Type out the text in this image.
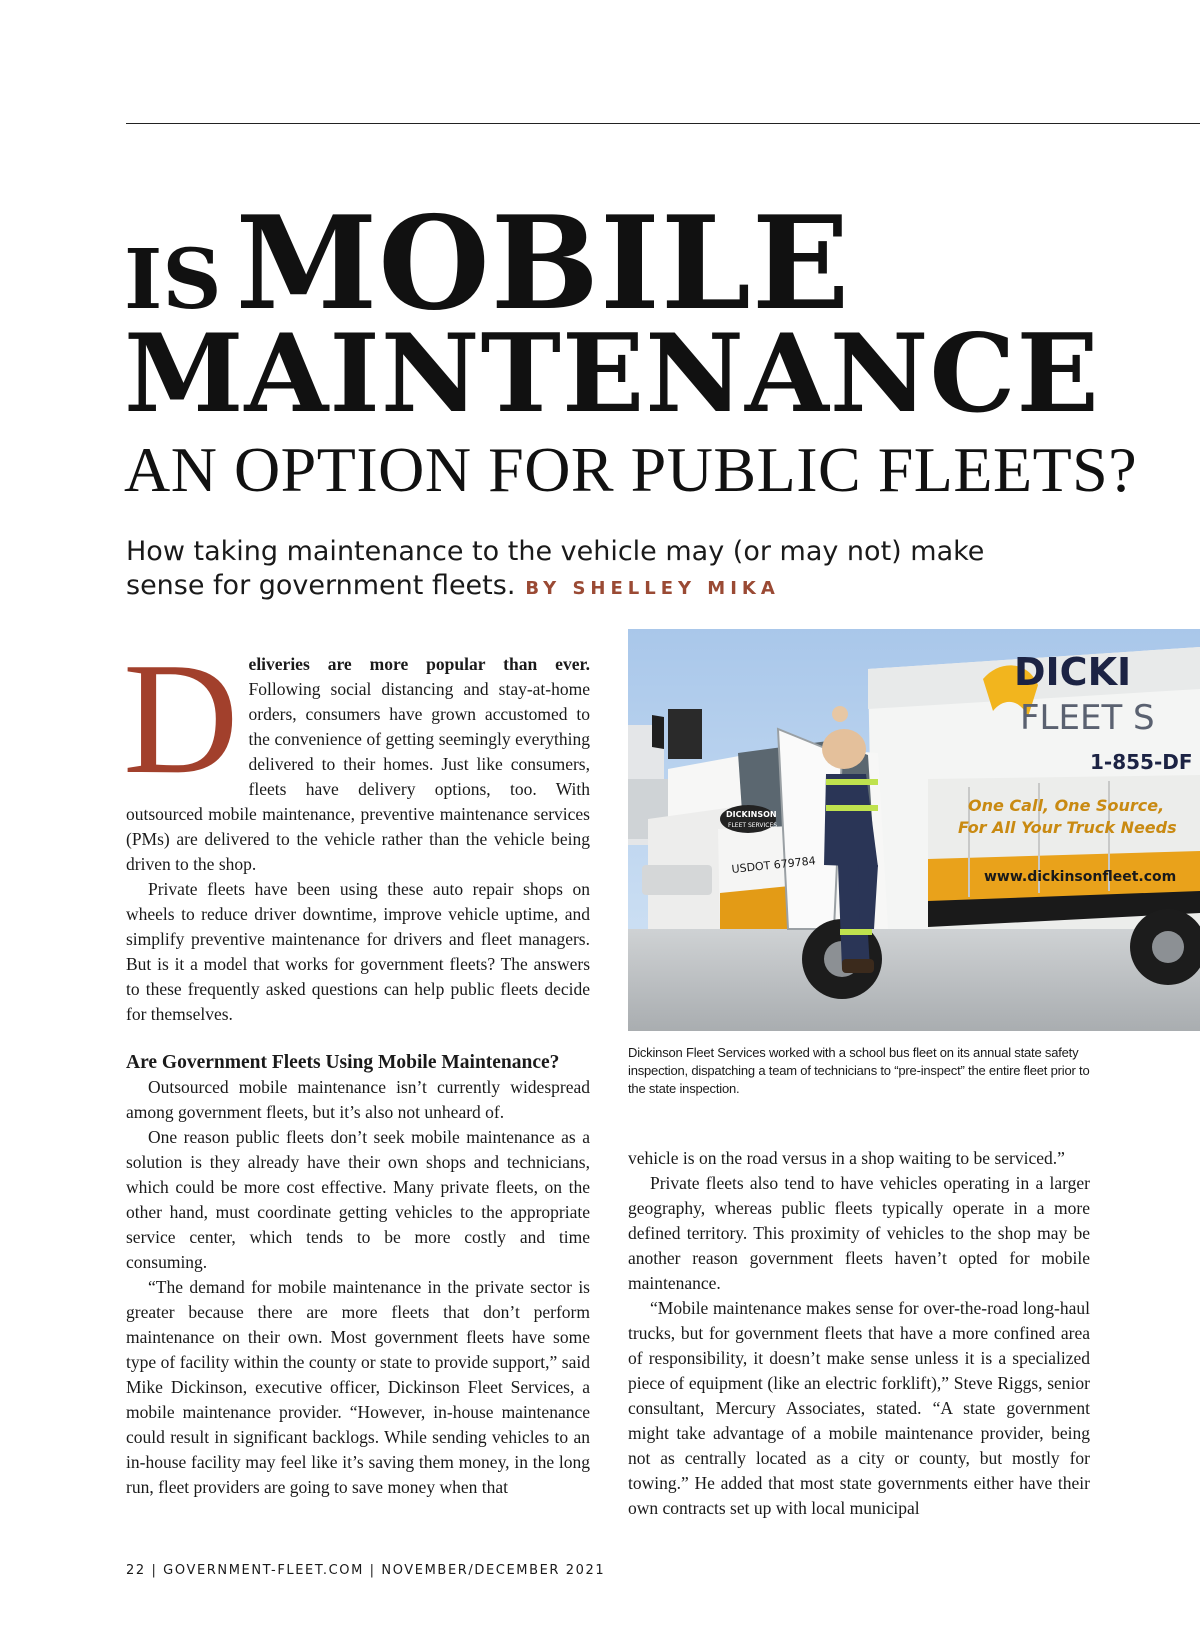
IS MOBILE
MAINTENANCE
AN OPTION FOR PUBLIC FLEETS?
How taking maintenance to the vehicle may (or may not) make sense for government fleets. BY SHELLEY MIKA

Deliveries are more popular than ever. Following social distancing and stay-at-home orders, consumers have grown accustomed to the convenience of getting seemingly everything delivered to their homes. Just like consumers, fleets have delivery options, too. With outsourced mobile maintenance, preventive maintenance services (PMs) are delivered to the vehicle rather than the vehicle being driven to the shop.

Private fleets have been using these auto repair shops on wheels to reduce driver downtime, improve vehicle uptime, and simplify preventive maintenance for drivers and fleet managers. But is it a model that works for government fleets? The answers to these frequently asked questions can help public fleets decide for themselves.

Are Government Fleets Using Mobile Maintenance?

Outsourced mobile maintenance isn’t currently widespread among government fleets, but it’s also not unheard of.

One reason public fleets don’t seek mobile maintenance as a solution is they already have their own shops and technicians, which could be more cost effective. Many private fleets, on the other hand, must coordinate getting vehicles to the appropriate service center, which tends to be more costly and time consuming.

“The demand for mobile maintenance in the private sector is greater because there are more fleets that don’t perform maintenance on their own. Most government fleets have some type of facility within the county or state to provide support,” said Mike Dickinson, executive officer, Dickinson Fleet Services, a mobile maintenance provider. “However, in-house maintenance could result in significant backlogs. While sending vehicles to an in-house facility may feel like it’s saving them money, in the long run, fleet providers are going to save money when that

DICKI
FLEET S
1-855-DF
One Call, One Source,
For All Your Truck Needs
www.dickinsonfleet.com
USDOT 679784
DICKINSON
FLEET SERVICES
Dickinson Fleet Services worked with a school bus fleet on its annual state safety inspection, dispatching a team of technicians to “pre-inspect” the entire fleet prior to the state inspection.

vehicle is on the road versus in a shop waiting to be serviced.”

Private fleets also tend to have vehicles operating in a larger geography, whereas public fleets typically operate in a more defined territory. This proximity of vehicles to the shop may be another reason government fleets haven’t opted for mobile maintenance.

“Mobile maintenance makes sense for over-the-road long-haul trucks, but for government fleets that have a more confined area of responsibility, it doesn’t make sense unless it is a specialized piece of equipment (like an electric forklift),” Steve Riggs, senior consultant, Mercury Associates, stated. “A state government might take advantage of a mobile maintenance provider, being not as centrally located as a city or county, but mostly for towing.” He added that most state governments either have their own contracts set up with local municipal

22 | GOVERNMENT-FLEET.COM | NOVEMBER/DECEMBER 2021
